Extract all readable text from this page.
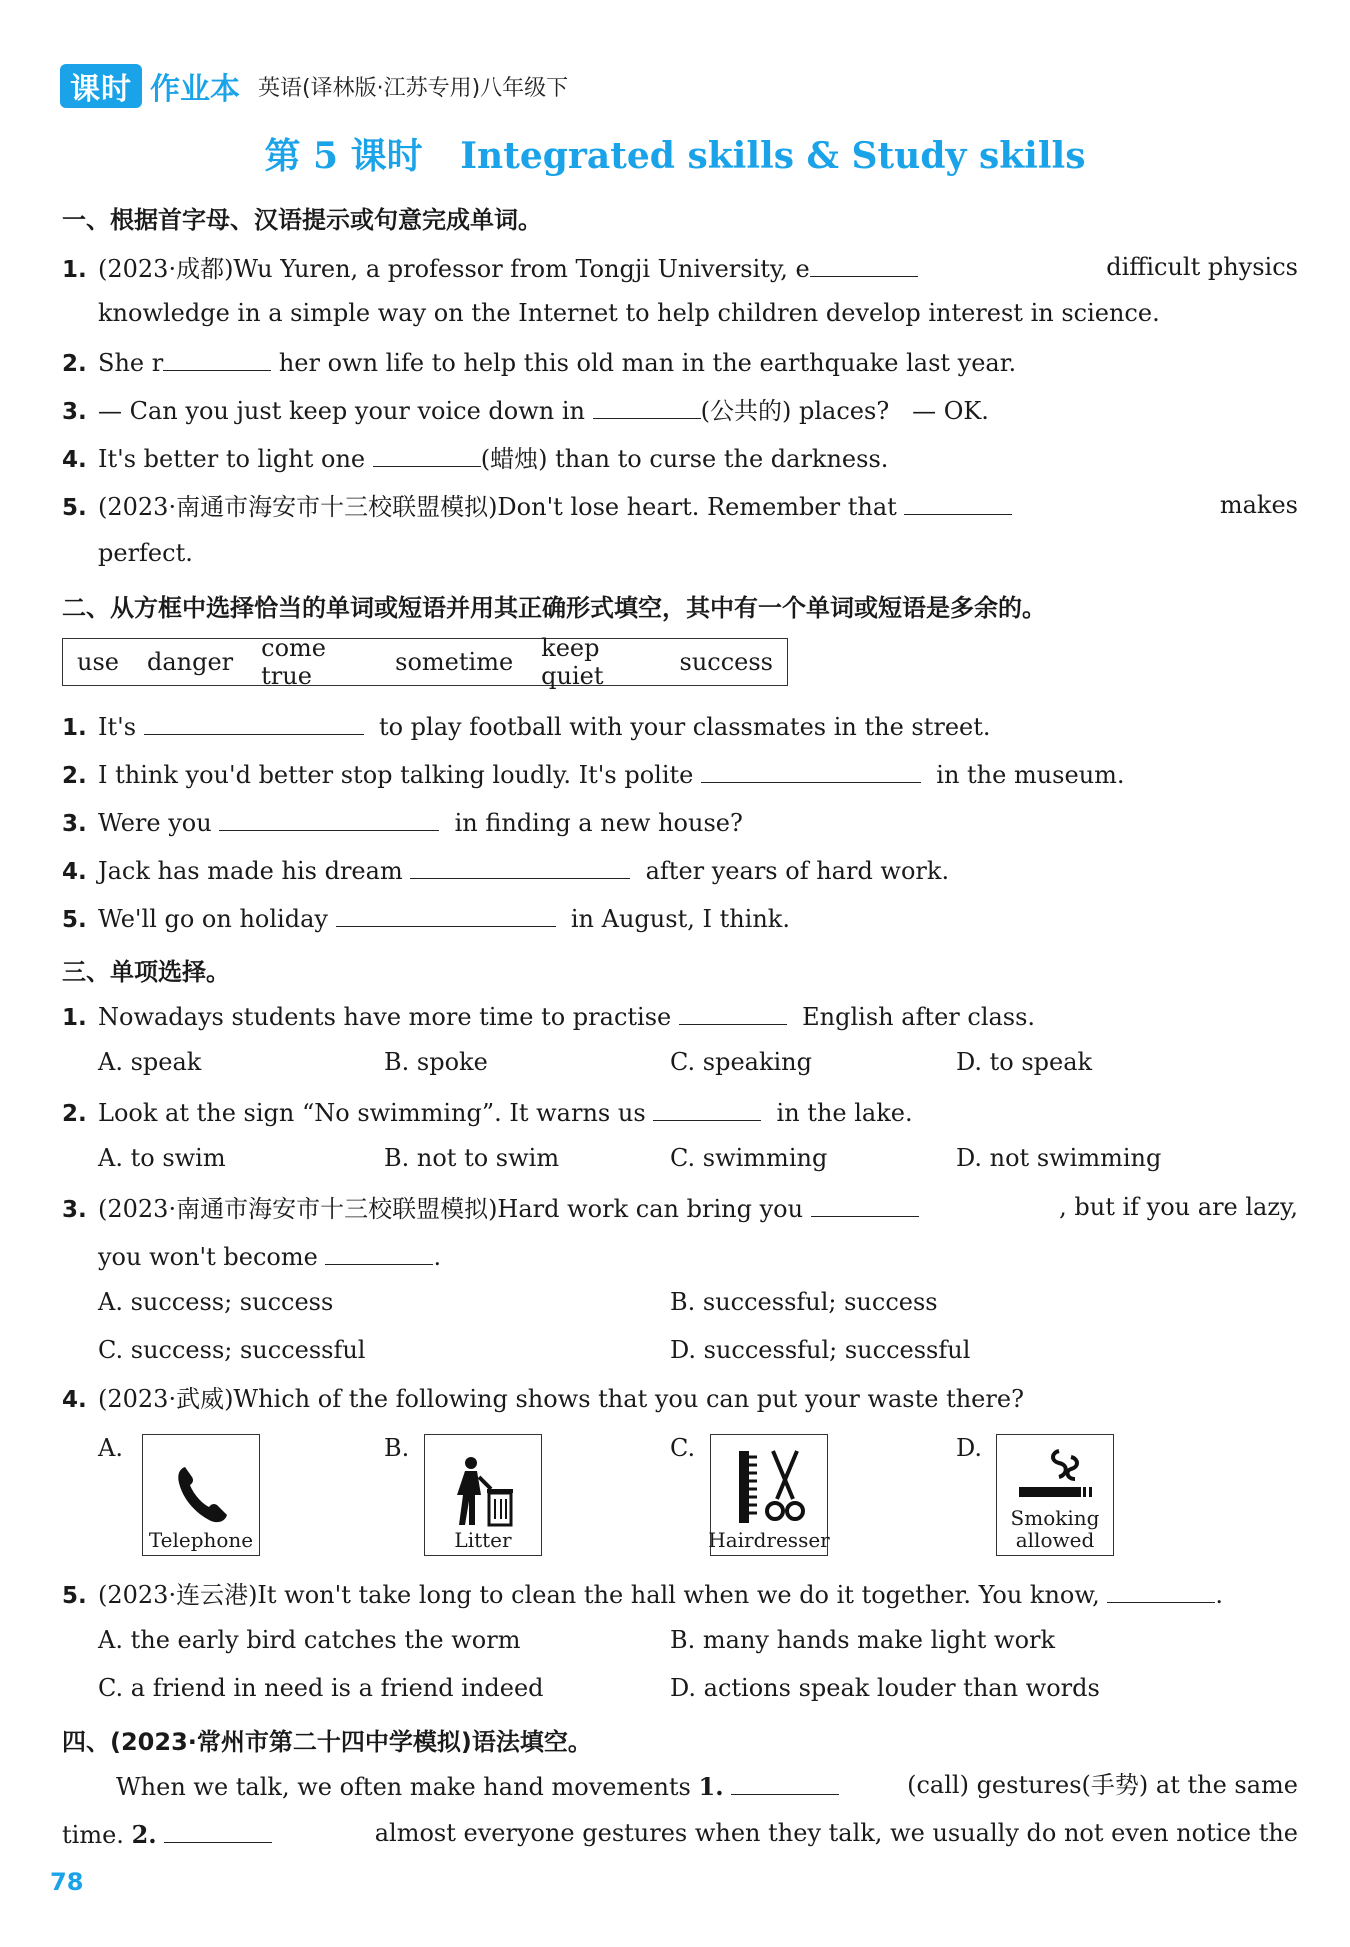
课时 作业本 英语(译林版·江苏专用)八年级下
第 5 课时   Integrated skills & Study skills
一、根据首字母、汉语提示或句意完成单词。
1. (2023·成都)Wu Yuren, a professor from Tongji University, e	difficult physics
knowledge in a simple way on the Internet to help children develop interest in science.
2. She r	her own life to help this old man in the earthquake last year.
3. — Can you just keep your voice down in	(公共的) places?   — OK.
4. It's better to light one	(蜡烛) than to curse the darkness.
5. (2023·南通市海安市十三校联盟模拟)Don't lose heart. Remember that	makes
perfect.
二、从方框中选择恰当的单词或短语并用其正确形式填空，其中有一个单词或短语是多余的。
use danger come true	sometime keep quiet	success
1. It's	to play football with your classmates in the street.
2. I think you'd better stop talking loudly. It's polite	in the museum.
3. Were you	in finding a new house?
4. Jack has made his dream	after years of hard work.
5. We'll go on holiday	in August, I think.
三、单项选择。
1. Nowadays students have more time to practise	English after class.
A. speak	B. spoke	C. speaking	D. to speak
2. Look at the sign “No swimming”. It warns us	in the lake.
A. to swim	B. not to swim	C. swimming	D. not swimming
3. (2023·南通市海安市十三校联盟模拟)Hard work can bring you	, but if you are lazy,
you won't become	.
A. success; success	B. successful; success
C. success; successful	D. successful; successful
4. (2023·武威)Which of the following shows that you can put your waste there?
A.	B.	C.	D.
Telephone	Litter	Hairdresser
Smoking
allowed
5. (2023·连云港)It won't take long to clean the hall when we do it together. You know,	.
A. the early bird catches the worm	B. many hands make light work
C. a friend in need is a friend indeed	D. actions speak louder than words
四、(2023·常州市第二十四中学模拟)语法填空。
When we talk, we often make hand movements 1.	(call) gestures(手势) at the same
time. 2.	almost everyone gestures when they talk, we usually do not even notice the
78
